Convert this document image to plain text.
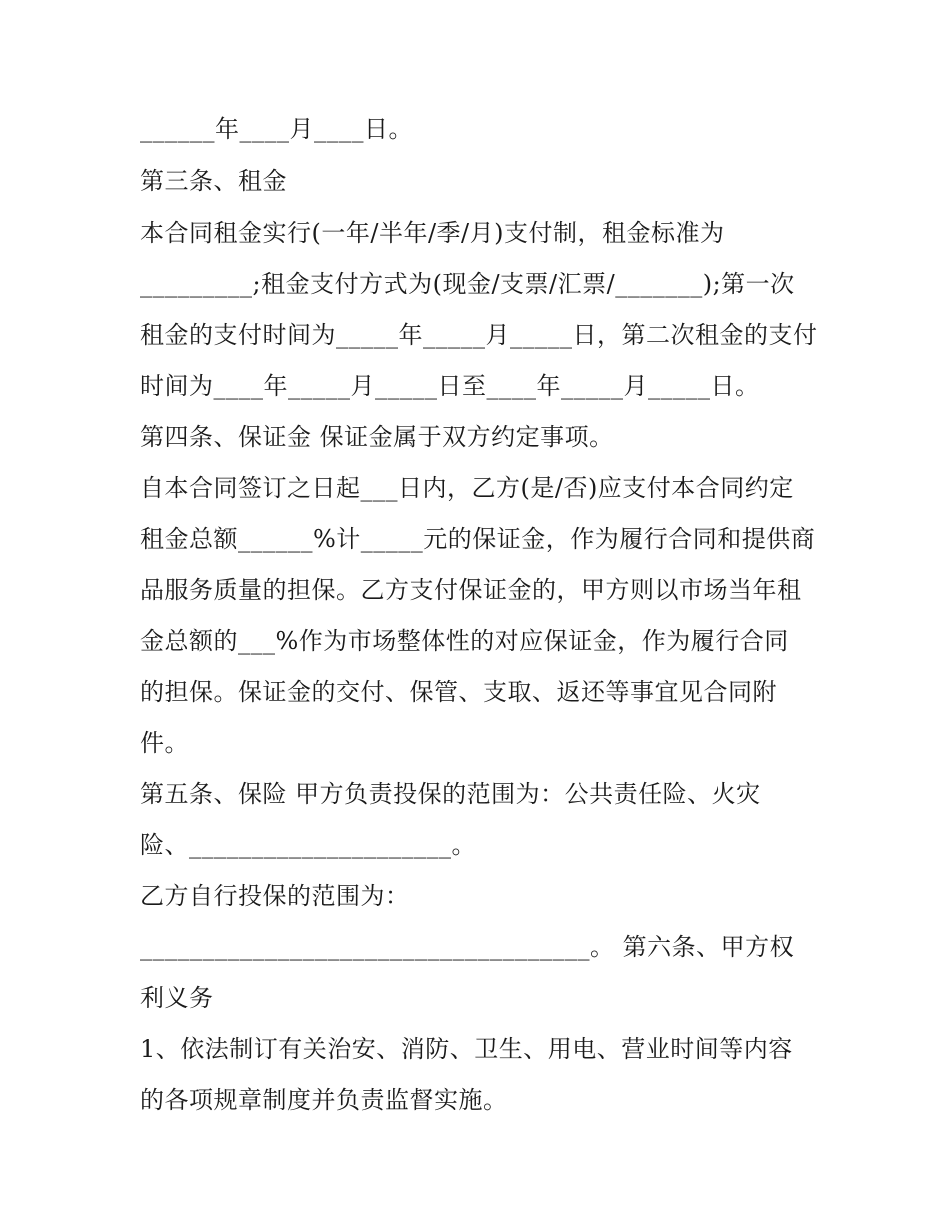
______年____月____日。
第三条、租金
本合同租金实行(一年/半年/季/月)支付制，租金标准为
_________;租金支付方式为(现金/支票/汇票/_______);第一次
租金的支付时间为_____年_____月_____日，第二次租金的支付
时间为____年_____月_____日至____年_____月_____日。
第四条、保证金 保证金属于双方约定事项。
自本合同签订之日起___日内，乙方(是/否)应支付本合同约定
租金总额______%计_____元的保证金，作为履行合同和提供商
品服务质量的担保。乙方支付保证金的，甲方则以市场当年租
金总额的___%作为市场整体性的对应保证金，作为履行合同
的担保。保证金的交付、保管、支取、返还等事宜见合同附
件。
第五条、保险 甲方负责投保的范围为：公共责任险、火灾
险、_____________________。
乙方自行投保的范围为：
____________________________________。 第六条、甲方权
利义务
1、依法制订有关治安、消防、卫生、用电、营业时间等内容
的各项规章制度并负责监督实施。
